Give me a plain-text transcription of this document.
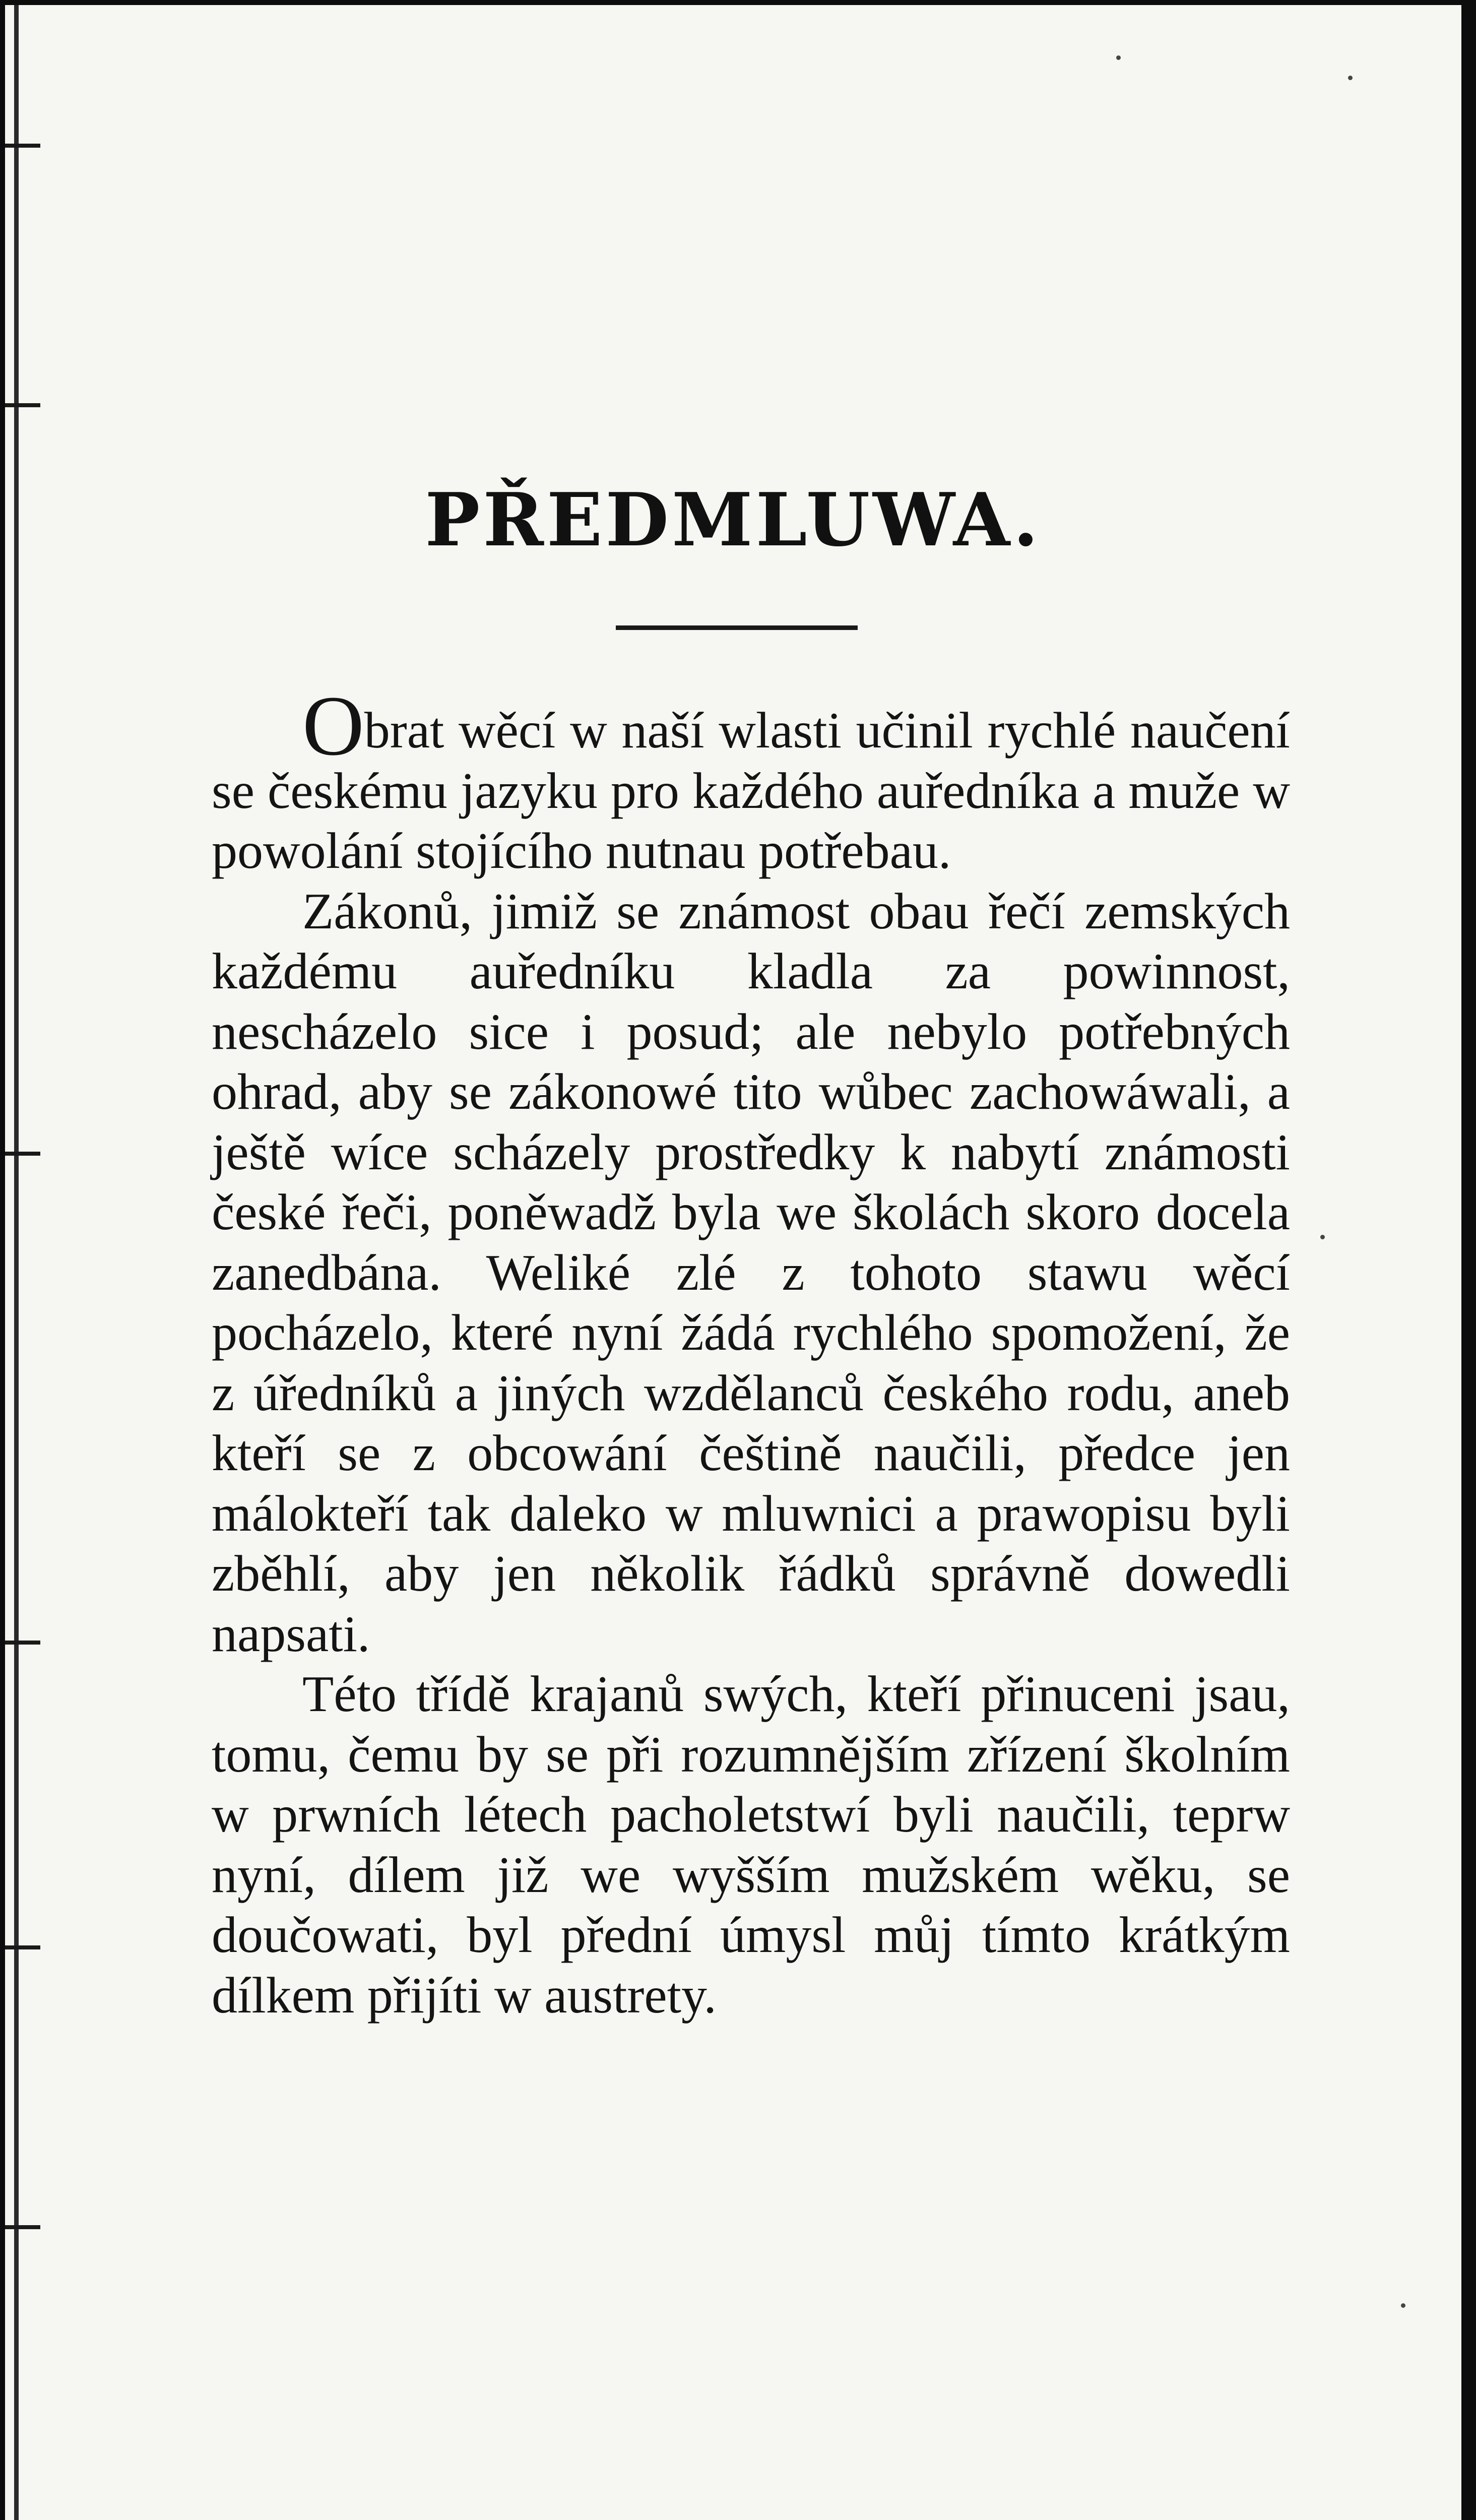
PŘEDMLUWA.

Obrat wěcí w naší wlasti učinil rychlé naučení se českému jazyku pro každého auředníka a muže w powolání stojícího nutnau potřebau.

Zákonů, jimiž se známost obau řečí zemských každému auředníku kladla za powinnost, nescházelo sice i posud; ale nebylo potřebných ohrad, aby se zákonowé tito wůbec zachowáwali, a ještě wíce scházely prostředky k nabytí známosti české řeči, poněwadž byla we školách skoro docela zanedbána. Weliké zlé z tohoto stawu wěcí pocházelo, které nyní žádá rychlého spomožení, že z úředníků a jiných wzdělanců českého rodu, aneb kteří se z obcowání češtině naučili, předce jen málokteří tak daleko w mluwnici a prawopisu byli zběhlí, aby jen několik řádků správně dowedli napsati.

Této třídě krajanů swých, kteří přinuceni jsau, tomu, čemu by se při rozumnějším zřízení školním w prwních létech pacholetstwí byli naučili, teprw nyní, dílem již we wyšším mužském wěku, se doučowati, byl přední úmysl můj tímto krátkým dílkem přijíti w austrety.
